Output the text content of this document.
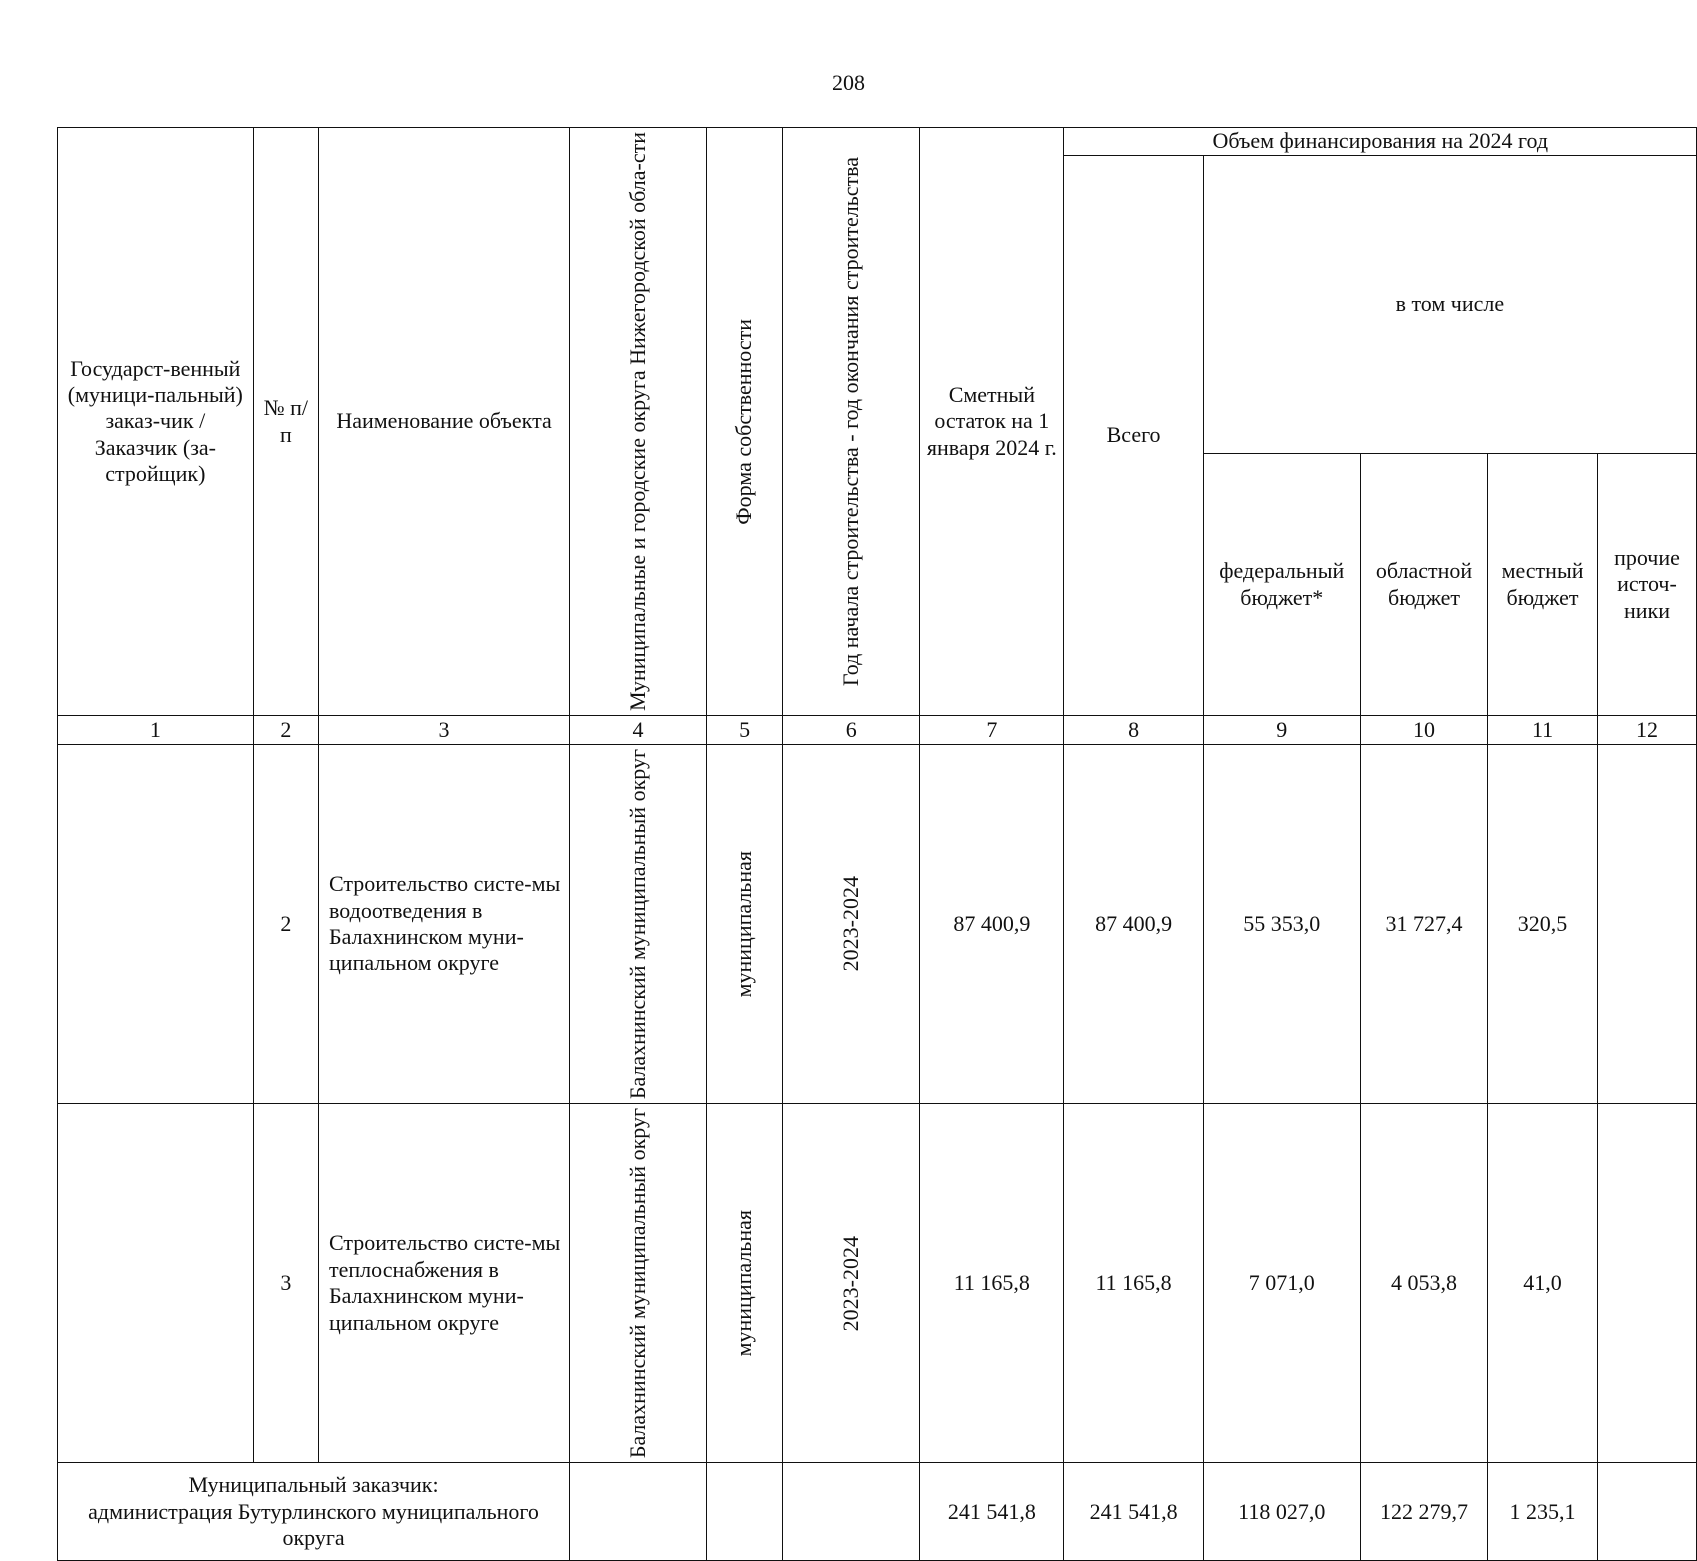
208
Государст-венный (муници-пальный) заказ-чик / Заказчик (за-стройщик)	№ п/п	Наименование объекта	Муниципальные и городские округа Нижегородской обла-сти	Форма собственности	Год начала строительства - год окончания строительства	Сметный остаток на 1 января 2024 г.	Объем финансирования на 2024 год				
							Всего	в том числе			
								федеральный бюджет*	областной бюджет	местный бюджет	прочие источ-ники
1	2	3	4	5	6	7	8	9	10	11	12
	2	Строительство систе-мы водоотведения в Балахнинском муни-ципальном округе	Балахнинский муниципальный округ	муниципальная	2023-2024	87 400,9	87 400,9	55 353,0	31 727,4	320,5	
	3	Строительство систе-мы теплоснабжения в Балахнинском муни-ципальном округе	Балахнинский муниципальный округ	муниципальная	2023-2024	11 165,8	11 165,8	7 071,0	4 053,8	41,0	

Муниципальный заказчик:
администрация Бутурлинского муниципального округа						241 541,8	241 541,8	118 027,0	122 279,7	1 235,1	
